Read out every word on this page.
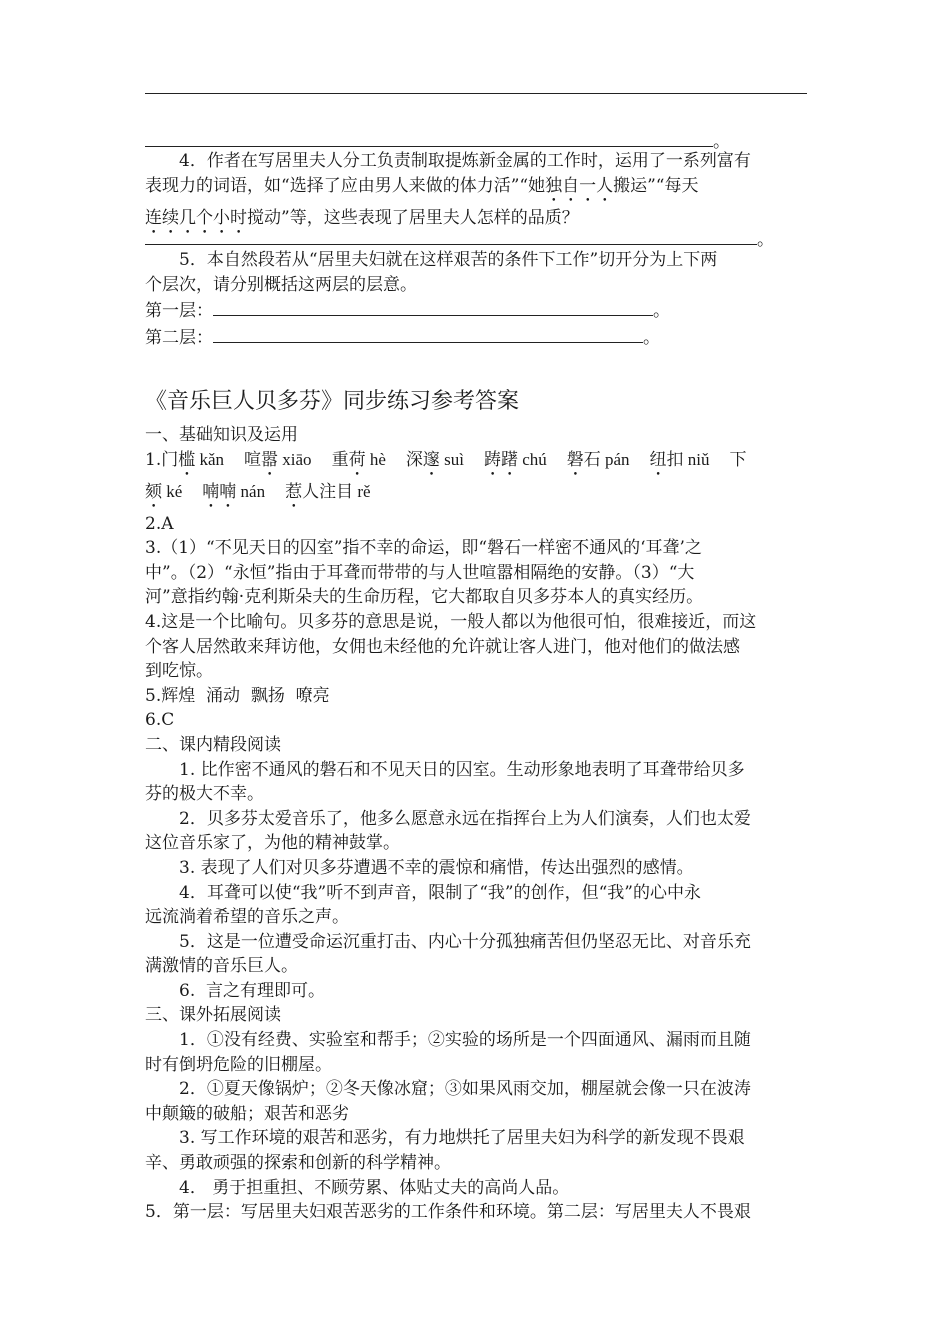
。

4．作者在写居里夫人分工负责制取提炼新金属的工作时，运用了一系列富有

表现力的词语，如“选择了应由男人来做的体力活”“她独自一人搬运”“每天

连续几个小时搅动”等，这些表现了居里夫人怎样的品质？

。

5．本自然段若从“居里夫妇就在这样艰苦的条件下工作”切开分为上下两

个层次，请分别概括这两层的层意。

第一层：	。

第二层：	。

《音乐巨人贝多芬》同步练习参考答案

一、基础知识及运用

1.门槛 kǎn 喧嚣 xiāo 重荷 hè 深邃 suì 踌躇 chú 磐石 pán 纽扣 niǔ 下

颏 ké 喃喃 nán 惹人注目 rě

2.A

3.（1）“不见天日的囚室”指不幸的命运，即“磐石一样密不通风的‘耳聋’之

中”。（2）“永恒”指由于耳聋而带带的与人世喧嚣相隔绝的安静。（3）“大

河”意指约翰·克利斯朵夫的生命历程，它大都取自贝多芬本人的真实经历。

4.这是一个比喻句。贝多芬的意思是说，一般人都以为他很可怕，很难接近，而这

个客人居然敢来拜访他，女佣也未经他的允许就让客人进门，他对他们的做法感

到吃惊。

5.辉煌  涌动  飘扬  嘹亮

6.C

二、课内精段阅读

1. 比作密不通风的磐石和不见天日的囚室。生动形象地表明了耳聋带给贝多

芬的极大不幸。

2．贝多芬太爱音乐了，他多么愿意永远在指挥台上为人们演奏，人们也太爱

这位音乐家了，为他的精神鼓掌。

3. 表现了人们对贝多芬遭遇不幸的震惊和痛惜，传达出强烈的感情。

4．耳聋可以使“我”听不到声音，限制了“我”的创作，但“我”的心中永

远流淌着希望的音乐之声。

5．这是一位遭受命运沉重打击、内心十分孤独痛苦但仍坚忍无比、对音乐充

满激情的音乐巨人。

6.  言之有理即可。

三、课外拓展阅读

1．①没有经费、实验室和帮手；②实验的场所是一个四面通风、漏雨而且随

时有倒坍危险的旧棚屋。

2．①夏天像锅炉；②冬天像冰窟；③如果风雨交加，棚屋就会像一只在波涛

中颠簸的破船；艰苦和恶劣

3. 写工作环境的艰苦和恶劣，有力地烘托了居里夫妇为科学的新发现不畏艰

辛、勇敢顽强的探索和创新的科学精神。

4． 勇于担重担、不顾劳累、体贴丈夫的高尚人品。

5．第一层：写居里夫妇艰苦恶劣的工作条件和环境。第二层：写居里夫人不畏艰
